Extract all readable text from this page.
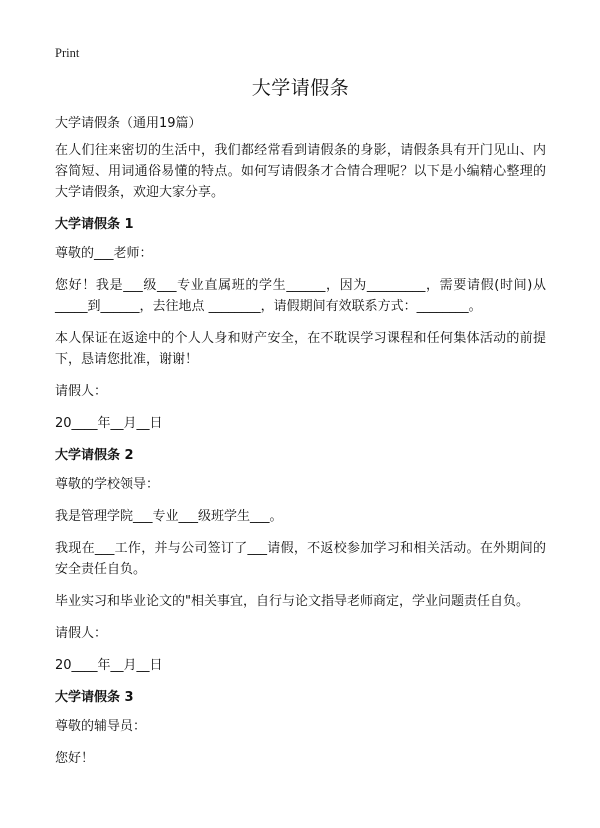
Print
大学请假条
大学请假条（通用19篇）
在人们往来密切的生活中，我们都经常看到请假条的身影，请假条具有开门见山、内容简短、用词通俗易懂的特点。如何写请假条才合情合理呢？以下是小编精心整理的大学请假条，欢迎大家分享。
大学请假条 1
尊敬的___老师：
您好！我是___级___专业直属班的学生______，因为_________，需要请假(时间)从_____到______，去往地点 ________，请假期间有效联系方式：________。
本人保证在返途中的个人人身和财产安全，在不耽误学习课程和任何集体活动的前提下，恳请您批准，谢谢！
请假人：
20____年__月__日
大学请假条 2
尊敬的学校领导：
我是管理学院___专业___级班学生___。
我现在___工作，并与公司签订了___请假，不返校参加学习和相关活动。在外期间的安全责任自负。
毕业实习和毕业论文的"相关事宜，自行与论文指导老师商定，学业问题责任自负。
请假人：
20____年__月__日
大学请假条 3
尊敬的辅导员：
您好！
